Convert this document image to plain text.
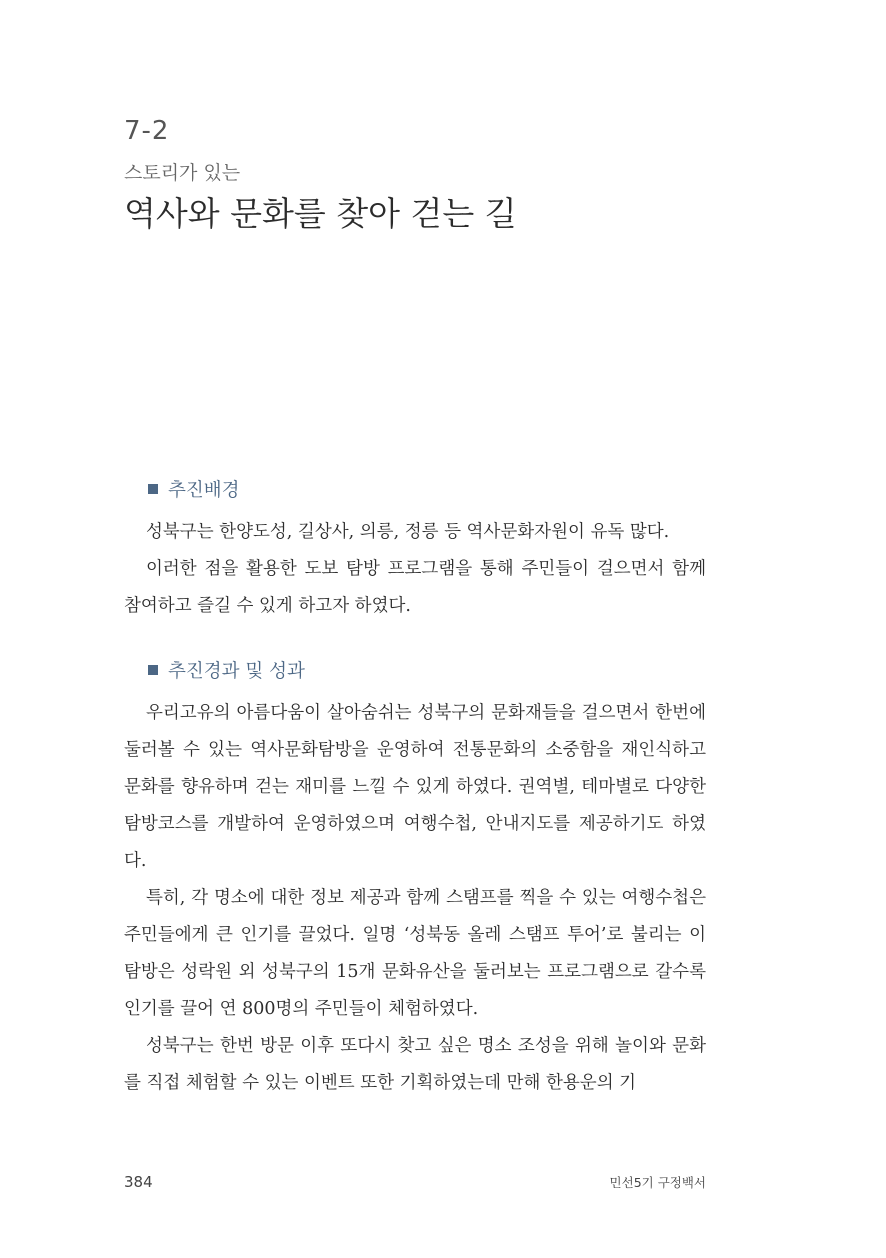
7-2
스토리가 있는
역사와 문화를 찾아 걷는 길
추진배경

성북구는 한양도성, 길상사, 의릉, 정릉 등 역사문화자원이 유독 많다.

이러한 점을 활용한 도보 탐방 프로그램을 통해 주민들이 걸으면서 함께 참여하고 즐길 수 있게 하고자 하였다.

추진경과 및 성과

우리고유의 아름다움이 살아숨쉬는 성북구의 문화재들을 걸으면서 한번에 둘러볼 수 있는 역사문화탐방을 운영하여 전통문화의 소중함을 재인식하고 문화를 향유하며 걷는 재미를 느낄 수 있게 하였다. 권역별, 테마별로 다양한 탐방코스를 개발하여 운영하였으며 여행수첩, 안내지도를 제공하기도 하였다.

특히, 각 명소에 대한 정보 제공과 함께 스탬프를 찍을 수 있는 여행수첩은 주민들에게 큰 인기를 끌었다. 일명 ‘성북동 올레 스탬프 투어’로 불리는 이 탐방은 성락원 외 성북구의 15개 문화유산을 둘러보는 프로그램으로 갈수록 인기를 끌어 연 800명의 주민들이 체험하였다.

성북구는 한번 방문 이후 또다시 찾고 싶은 명소 조성을 위해 놀이와 문화를 직접 체험할 수 있는 이벤트 또한 기획하였는데 만해 한용운의 기

384	민선5기 구정백서
